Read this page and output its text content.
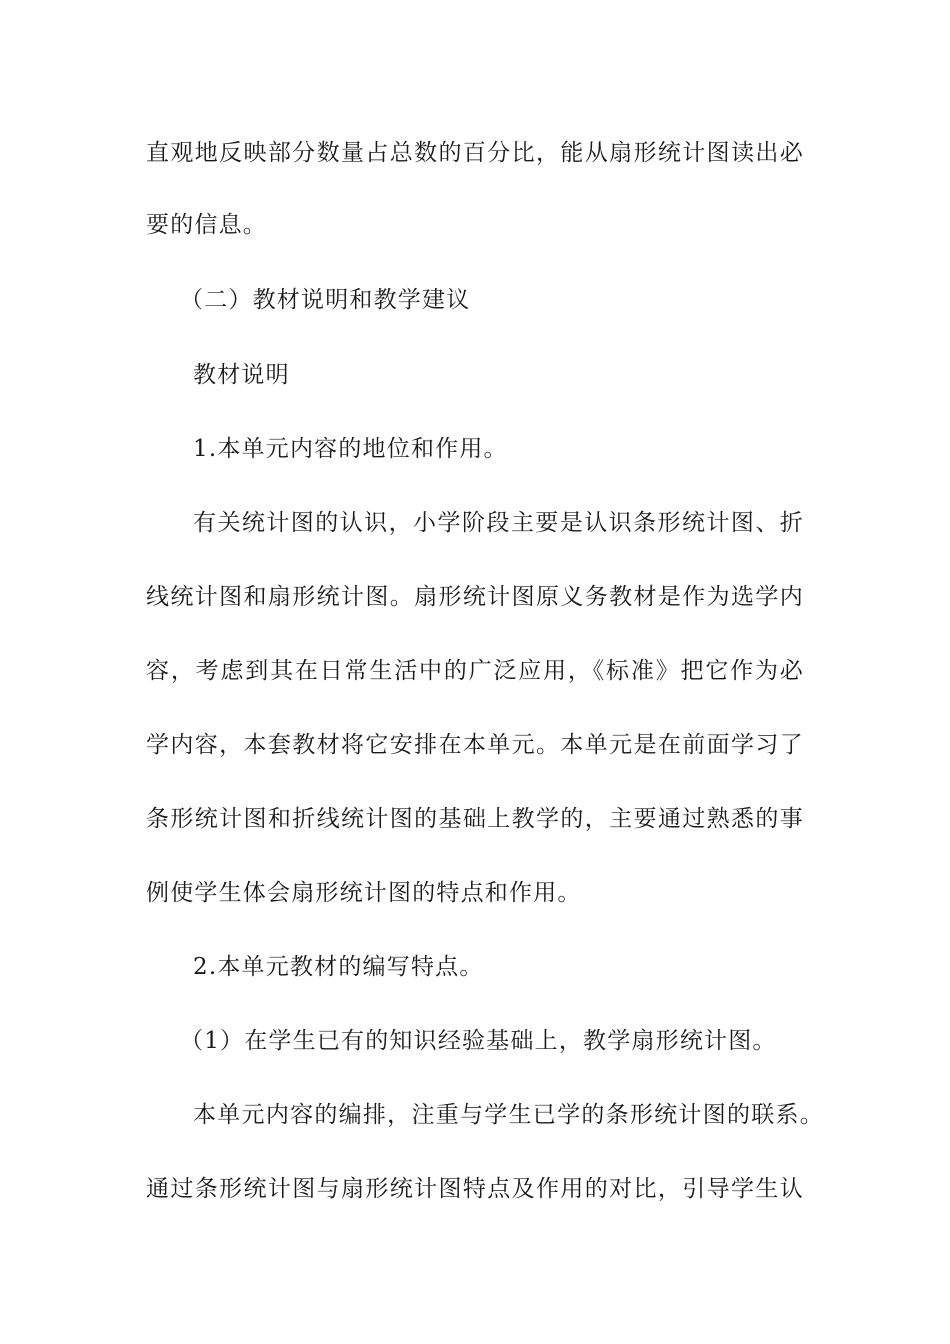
直观地反映部分数量占总数的百分比，能从扇形统计图读出必
要的信息。
（二）教材说明和教学建议
教材说明
1.本单元内容的地位和作用。
有关统计图的认识，小学阶段主要是认识条形统计图、折
线统计图和扇形统计图。扇形统计图原义务教材是作为选学内
容，考虑到其在日常生活中的广泛应用，《标准》把它作为必
学内容，本套教材将它安排在本单元。本单元是在前面学习了
条形统计图和折线统计图的基础上教学的，主要通过熟悉的事
例使学生体会扇形统计图的特点和作用。
2.本单元教材的编写特点。
（1）在学生已有的知识经验基础上，教学扇形统计图。
本单元内容的编排，注重与学生已学的条形统计图的联系。
通过条形统计图与扇形统计图特点及作用的对比，引导学生认
